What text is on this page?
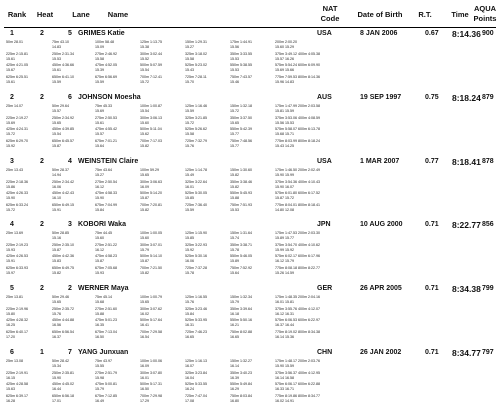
Rank	Heat	Lane	Name
NAT
Code	Date of Birth	R.T.	Time
AQUA
Points
1	2	5 GRIMES Katie	USA	8 JAN 2006	0.67 8:14.36 900
50m 28.01	75m 43.10	100m 58.48	125m 1:13.75	150m 1:29.31	175m 1:44.91	200m 2:00.20
14.83	15.09	15.38	15.27	15.56	15.60 15.29
225m 2:15.81	250m 2:31.34	275m 2:46.92	300m 3:02.44	325m 3:18.02	350m 3:33.55	375m 3:49.12 400m 4:05.38
15.61	15.53	15.58	15.52	15.58	15.53	15.57 16.26
425m 4:21.05	450m 4:36.66	475m 4:52.05	500m 5:07.59	525m 5:23.02	550m 5:38.55	575m 5:54.24 600m 6:09.90
15.67	15.61	15.39	15.54	15.43	15.53	15.69 15.66
625m 6:25.51	650m 6:41.10	675m 6:56.69	700m 7:12.41	725m 7:28.11	750m 7:43.57	775m 7:59.53 800m 8:14.36
15.61	15.59	15.59	15.72	15.70	15.46	15.96 14.83
2	2	6 JOHNSON Moesha	AUS	19 SEP 1997	0.75 8:18.24 879
25m 14.07	50m 29.64	75m 45.33	100m 1:00.87	125m 1:16.46	150m 1:32.18	175m 1:47.99 200m 2:03.58
15.57	15.69	15.54	15.59	15.72	15.81 15.59
225m 2:19.27	250m 2:34.92	275m 2:50.53	300m 3:06.13	325m 3:21.85	350m 3:37.50	375m 3:53.06 400m 4:08.59
15.69	15.65	15.61	15.60	15.72	15.65	15.56 15.53
425m 4:24.31	450m 4:39.85	475m 4:55.42	500m 5:11.04	525m 5:26.62	550m 5:42.39	575m 5:58.07 600m 6:13.78
15.72	15.54	15.57	15.62	15.58	15.77	15.68 15.71
625m 6:29.70	650m 6:45.57	675m 7:01.21	700m 7:17.03	725m 7:32.79	750m 7:48.56	775m 8:03.99 800m 8:18.24
15.92	15.87	15.64	15.82	15.76	15.77	15.43 14.25
3	2	4 WEINSTEIN Claire	USA	1 MAR 2007	0.77 8:18.41 878
25m 13.43	50m 28.37	75m 43.64	100m 59.29	125m 1:14.78	150m 1:30.60	175m 1:46.50 200m 2:02.49
14.94	15.27	15.65	15.49	15.82	15.90 15.99
225m 2:18.36	250m 2:34.42	275m 2:50.54	300m 3:06.63	325m 3:22.64	350m 3:38.46	375m 3:54.36 400m 4:10.43
15.86	16.06	16.12	16.09	16.01	15.82	15.90 16.07
425m 4:26.33	450m 4:42.43	475m 4:58.33	500m 5:14.20	525m 5:30.05	550m 5:45.93	575m 6:01.80 600m 6:17.52
15.90	16.10	15.90	15.87	15.85	15.88	15.87 15.72
625m 6:33.24	650m 6:49.15	675m 7:04.99	700m 7:20.81	725m 7:36.40	750m 7:51.93	775m 8:04.01 800m 8:18.41
15.72	15.91	15.84	15.82	15.59	15.53	14.80 12.08
4	2	3 KOBORI Waka	JPN	10 AUG 2000	0.71 8:22.77 856
25m 13.69	50m 28.85	75m 44.45	100m 1:00.05	125m 1:15.90	150m 1:31.64	175m 1:47.53 200m 2:03.30
15.16	15.60	15.60	15.85	15.74	15.89 15.77
225m 2:19.23	250m 2:35.10	275m 2:51.22	300m 3:07.01	325m 3:22.93	350m 3:38.71	375m 3:54.70 400m 4:10.62
15.93	15.87	16.12	15.79	15.92	15.78	15.99 15.92
425m 4:26.53	450m 4:42.36	475m 4:58.23	500m 5:14.10	525m 5:30.16	550m 5:46.05	575m 6:02.17 600m 6:17.96
15.91	15.83	15.87	15.87	16.06	15.89	16.12 15.79
625m 6:33.93	650m 6:49.75	675m 7:05.68	700m 7:21.50	725m 7:37.28	750m 7:52.92	775m 8:08.18 800m 8:22.77
15.97	15.82	15.93	15.82	15.78	15.64	15.26 14.59
5	2	2 WERNER Maya	GER	26 APR 2005	0.71 8:34.38 799
25m 13.81	50m 29.46	75m 45.14	100m 1:00.79	125m 1:16.55	150m 1:32.34	175m 1:48.35 200m 2:04.16
15.65	15.68	15.65	15.76	15.79	16.01 15.81
225m 2:19.96	250m 2:35.72	275m 2:51.60	300m 3:07.62	325m 3:23.46	350m 3:39.64	375m 3:55.76 400m 4:12.07
15.80	15.76	15.88	16.02	15.84	16.18	16.12 16.31
425m 4:28.32	450m 4:44.88	475m 5:01.23	500m 5:17.64	525m 5:33.95	550m 5:50.16	575m 6:06.53 600m 6:22.97
16.25	16.56	16.35	16.41	16.31	16.21	16.37 16.44
625m 6:40.17	650m 6:56.54	675m 7:13.04	700m 7:29.58	725m 7:46.23	750m 8:02.88	775m 8:19.02 800m 8:34.38
17.20	16.37	16.50	16.54	16.65	16.65	16.14 15.36
6	1	7 YANG Junxuan	CHN	26 JAN 2002	0.71 8:34.77 797
25m 13.08	50m 28.42	75m 43.97	100m 1:00.06	125m 1:16.13	150m 1:32.27	175m 1:48.17 200m 2:03.76
15.34	15.55	16.09	16.07	16.14	15.90 15.59
225m 2:19.91	250m 2:35.81	275m 2:51.79	300m 3:07.80	325m 3:23.84	350m 3:40.23	375m 3:56.37 400m 4:12.95
16.15	15.90	15.98	16.01	16.04	16.39	16.14 16.58
425m 4:28.58	450m 4:45.02	475m 5:00.81	500m 5:17.31	525m 5:33.55	550m 5:49.84	575m 6:06.17 600m 6:22.88
15.63	16.44	15.79	16.50	16.24	16.29	16.33 16.71
625m 6:39.17	650m 6:56.18	675m 7:12.85	700m 7:29.98	725m 7:47.04	750m 8:03.84	775m 8:19.86 800m 8:34.77
16.28	17.01	16.49	17.29	17.08	16.80	16.02 14.91
